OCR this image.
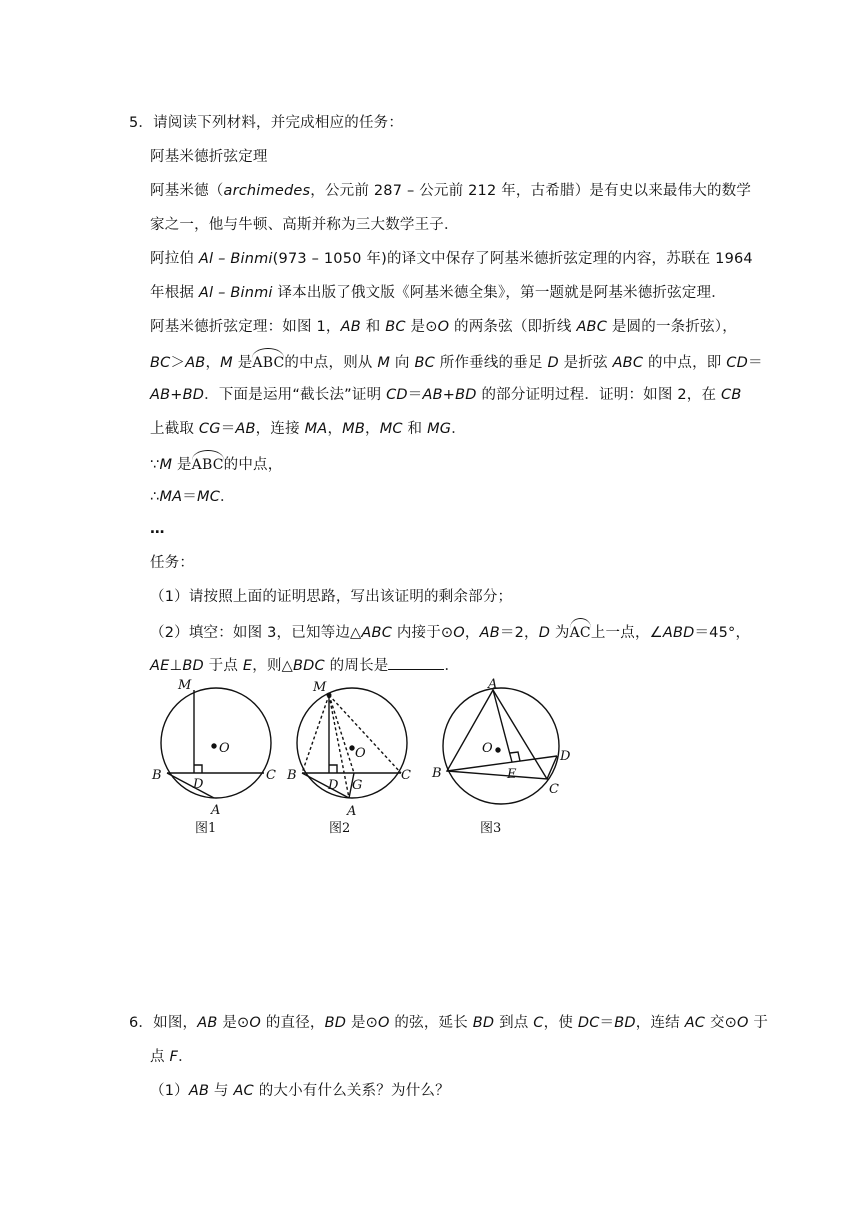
5．请阅读下列材料，并完成相应的任务：
阿基米德折弦定理
阿基米德（archimedes，公元前 287 – 公元前 212 年，古希腊）是有史以来最伟大的数学
家之一，他与牛顿、高斯并称为三大数学王子．
阿拉伯 Al – Binmi(973 – 1050 年)的译文中保存了阿基米德折弦定理的内容，苏联在 1964
年根据 Al – Binmi 译本出版了俄文版《阿基米德全集》，第一题就是阿基米德折弦定理．
阿基米德折弦定理：如图 1，AB 和 BC 是⊙O 的两条弦（即折线 ABC 是圆的一条折弦），
BC＞AB，M 是ABC的中点，则从 M 向 BC 所作垂线的垂足 D 是折弦 ABC 的中点，即 CD＝
AB+BD．下面是运用“截长法”证明 CD＝AB+BD 的部分证明过程．证明：如图 2，在 CB
上截取 CG＝AB，连接 MA，MB，MC 和 MG．
∵M 是ABC的中点，
∴MA＝MC．
…
任务：
（1）请按照上面的证明思路，写出该证明的剩余部分；
（2）填空：如图 3，已知等边△ABC 内接于⊙O，AB＝2，D 为AC上一点，∠ABD＝45°，
AE⊥BD 于点 E，则△BDC 的周长是	．
M
O
B
D
C
A
图1
M
O
B
D G
C
A
图2
A
O
D
B	E
C
图3
6．如图，AB 是⊙O 的直径，BD 是⊙O 的弦，延长 BD 到点 C，使 DC＝BD，连结 AC 交⊙O 于
点 F．
（1）AB 与 AC 的大小有什么关系？为什么？
